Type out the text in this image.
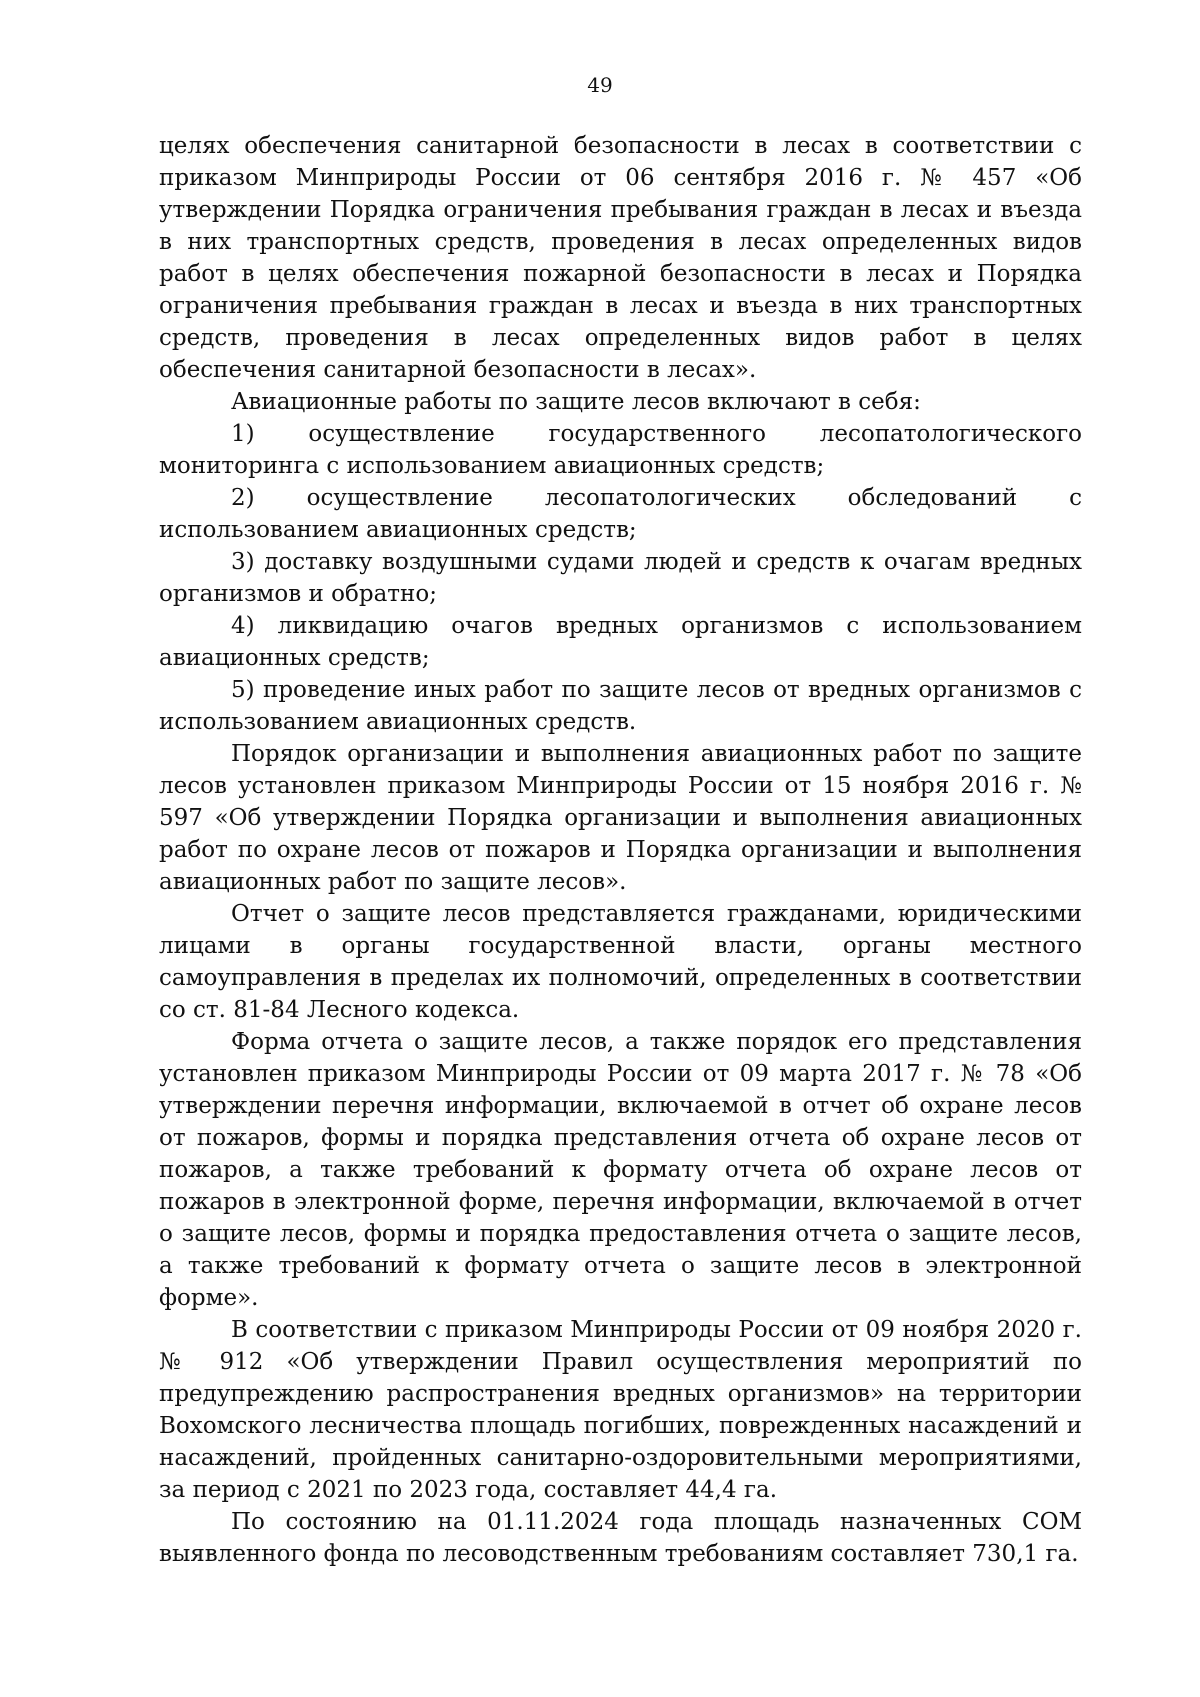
49

целях обеспечения санитарной безопасности в лесах в соответствии с приказом Минприроды России от 06 сентября 2016 г. № 457 «Об утверждении Порядка ограничения пребывания граждан в лесах и въезда в них транспортных средств, проведения в лесах определенных видов работ в целях обеспечения пожарной безопасности в лесах и Порядка ограничения пребывания граждан в лесах и въезда в них транспортных средств, проведения в лесах определенных видов работ в целях обеспечения санитарной безопасности в лесах».

Авиационные работы по защите лесов включают в себя:

1) осуществление государственного лесопатологического мониторинга с использованием авиационных средств;

2) осуществление лесопатологических обследований с использованием авиационных средств;

3) доставку воздушными судами людей и средств к очагам вредных организмов и обратно;

4) ликвидацию очагов вредных организмов с использованием авиационных средств;

5) проведение иных работ по защите лесов от вредных организмов с использованием авиационных средств.

Порядок организации и выполнения авиационных работ по защите лесов установлен приказом Минприроды России от 15 ноября 2016 г. № 597 «Об утверждении Порядка организации и выполнения авиационных работ по охране лесов от пожаров и Порядка организации и выполнения авиационных работ по защите лесов».

Отчет о защите лесов представляется гражданами, юридическими лицами в органы государственной власти, органы местного самоуправления в пределах их полномочий, определенных в соответствии со ст. 81-84 Лесного кодекса.

Форма отчета о защите лесов, а также порядок его представления установлен приказом Минприроды России от 09 марта 2017 г. № 78 «Об утверждении перечня информации, включаемой в отчет об охране лесов от пожаров, формы и порядка представления отчета об охране лесов от пожаров, а также требований к формату отчета об охране лесов от пожаров в электронной форме, перечня информации, включаемой в отчет о защите лесов, формы и порядка предоставления отчета о защите лесов, а также требований к формату отчета о защите лесов в электронной форме».

В соответствии с приказом Минприроды России от 09 ноября 2020 г. № 912 «Об утверждении Правил осуществления мероприятий по предупреждению распространения вредных организмов» на территории Вохомского лесничества площадь погибших, поврежденных насаждений и насаждений, пройденных санитарно-оздоровительными мероприятиями, за период с 2021 по 2023 года, составляет 44,4 га.

По состоянию на 01.11.2024 года площадь назначенных СОМ выявленного фонда по лесоводственным требованиям составляет 730,1 га.
